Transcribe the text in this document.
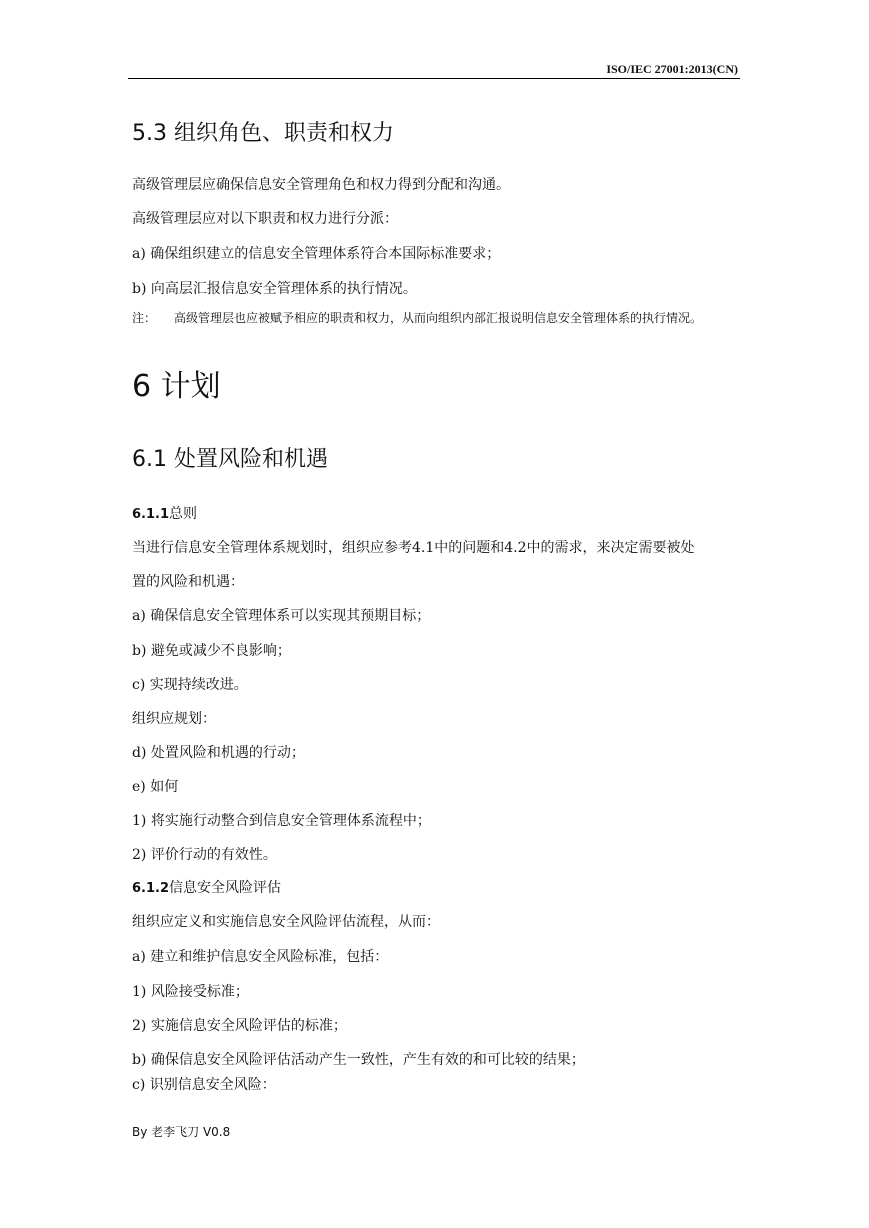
ISO/IEC 27001:2013(CN)
5.3 组织角色、职责和权力
高级管理层应确保信息安全管理角色和权力得到分配和沟通。
高级管理层应对以下职责和权力进行分派：
a) 确保组织建立的信息安全管理体系符合本国际标准要求；
b) 向高层汇报信息安全管理体系的执行情况。
注： 高级管理层也应被赋予相应的职责和权力，从而向组织内部汇报说明信息安全管理体系的执行情况。
6 计划
6.1 处置风险和机遇
6.1.1总则
当进行信息安全管理体系规划时，组织应参考4.1中的问题和4.2中的需求，来决定需要被处
置的风险和机遇：
a) 确保信息安全管理体系可以实现其预期目标；
b) 避免或减少不良影响；
c) 实现持续改进。
组织应规划：
d) 处置风险和机遇的行动；
e) 如何
1) 将实施行动整合到信息安全管理体系流程中；
2) 评价行动的有效性。
6.1.2信息安全风险评估
组织应定义和实施信息安全风险评估流程，从而：
a) 建立和维护信息安全风险标准，包括：
1) 风险接受标准；
2) 实施信息安全风险评估的标准；
b) 确保信息安全风险评估活动产生一致性，产生有效的和可比较的结果；
c) 识别信息安全风险：
By 老李飞刀 V0.8
